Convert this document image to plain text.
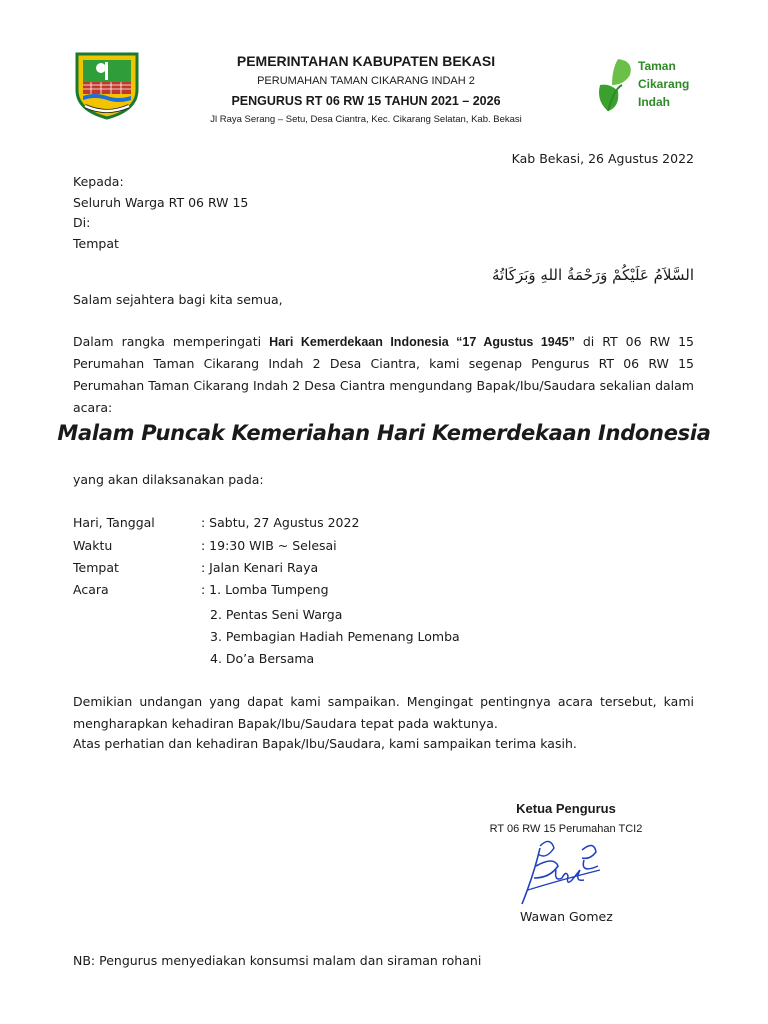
PEMERINTAHAN KABUPATEN BEKASI
PERUMAHAN TAMAN CIKARANG INDAH 2
PENGURUS RT 06 RW 15 TAHUN 2021 – 2026
Jl Raya Serang – Setu, Desa Ciantra, Kec. Cikarang Selatan, Kab. Bekasi
Taman
Cikarang
Indah
Kab Bekasi, 26 Agustus 2022
Kepada:
Seluruh Warga RT 06 RW 15
Di:
Tempat
السَّلاَمُ عَلَيْكُمْ وَرَحْمَةُ اللهِ وَبَرَكَاتُهُ
Salam sejahtera bagi kita semua,
Dalam rangka memperingati Hari Kemerdekaan Indonesia “17 Agustus 1945” di RT 06 RW 15 Perumahan Taman Cikarang Indah 2 Desa Ciantra, kami segenap Pengurus RT 06 RW 15 Perumahan Taman Cikarang Indah 2 Desa Ciantra mengundang Bapak/Ibu/Saudara sekalian dalam acara:
Malam Puncak Kemeriahan Hari Kemerdekaan Indonesia
yang akan dilaksanakan pada:
Hari, Tanggal	: Sabtu, 27 Agustus 2022
Waktu	: 19:30 WIB ~ Selesai
Tempat	: Jalan Kenari Raya
Acara	: 1. Lomba Tumpeng
2. Pentas Seni Warga
3. Pembagian Hadiah Pemenang Lomba
4. Do’a Bersama
Demikian undangan yang dapat kami sampaikan. Mengingat pentingnya acara tersebut, kami mengharapkan kehadiran Bapak/Ibu/Saudara tepat pada waktunya.
Atas perhatian dan kehadiran Bapak/Ibu/Saudara, kami sampaikan terima kasih.
Ketua Pengurus
RT 06 RW 15 Perumahan TCI2
Wawan Gomez
NB: Pengurus menyediakan konsumsi malam dan siraman rohani
